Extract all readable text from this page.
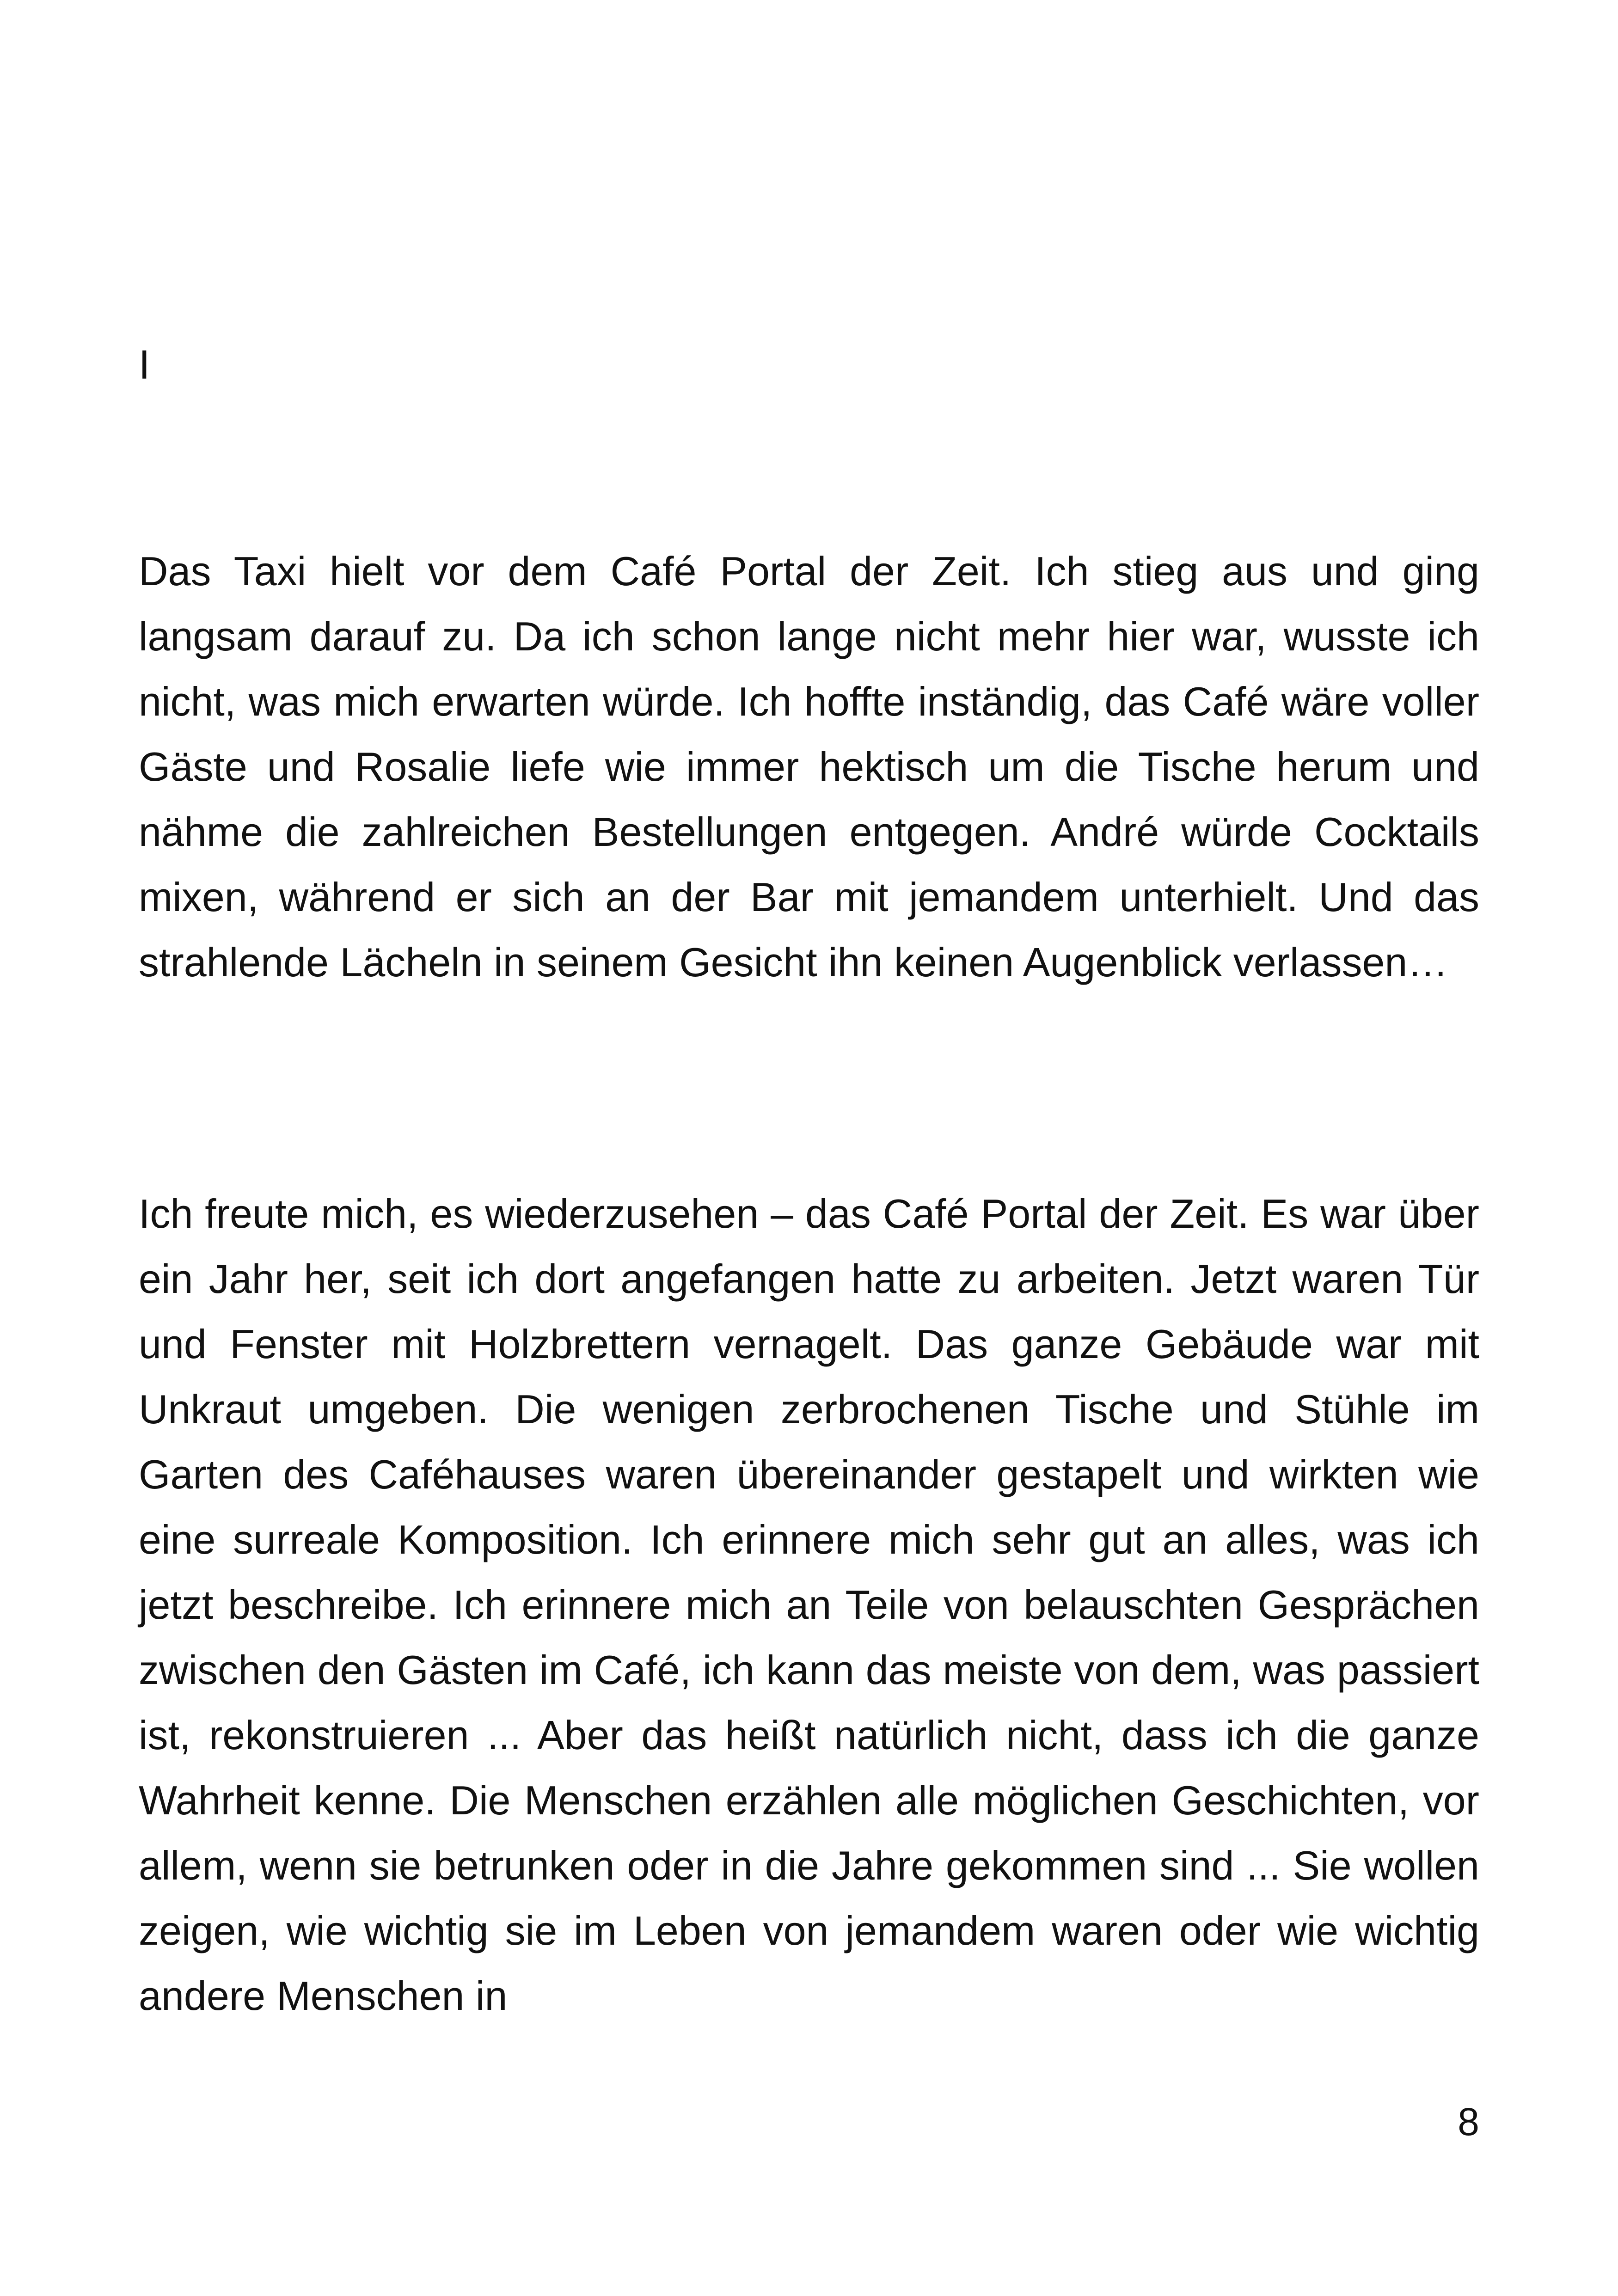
I

Das Taxi hielt vor dem Café Portal der Zeit. Ich stieg aus und ging langsam darauf zu. Da ich schon lange nicht mehr hier war, wusste ich nicht, was mich erwarten würde. Ich hoffte inständig, das Café wäre voller Gäste und Rosalie liefe wie immer hektisch um die Tische herum und nähme die zahlreichen Bestellungen entgegen. André würde Cocktails mixen, während er sich an der Bar mit jemandem unterhielt. Und das strahlende Lächeln in seinem Gesicht ihn keinen Augenblick verlassen…

Ich freute mich, es wiederzusehen – das Café Portal der Zeit. Es war über ein Jahr her, seit ich dort angefangen hatte zu arbeiten. Jetzt waren Tür und Fenster mit Holzbrettern vernagelt. Das ganze Gebäude war mit Unkraut umgeben. Die wenigen zerbrochenen Tische und Stühle im Garten des Caféhauses waren übereinander gestapelt und wirkten wie eine surreale Komposition. Ich erinnere mich sehr gut an alles, was ich jetzt beschreibe. Ich erinnere mich an Teile von belauschten Gesprächen zwischen den Gästen im Café, ich kann das meiste von dem, was passiert ist, rekonstruieren ... Aber das heißt natürlich nicht, dass ich die ganze Wahrheit kenne. Die Menschen erzählen alle möglichen Geschichten, vor allem, wenn sie betrunken oder in die Jahre gekommen sind ... Sie wollen zeigen, wie wichtig sie im Leben von jemandem waren oder wie wichtig andere Menschen in

8
